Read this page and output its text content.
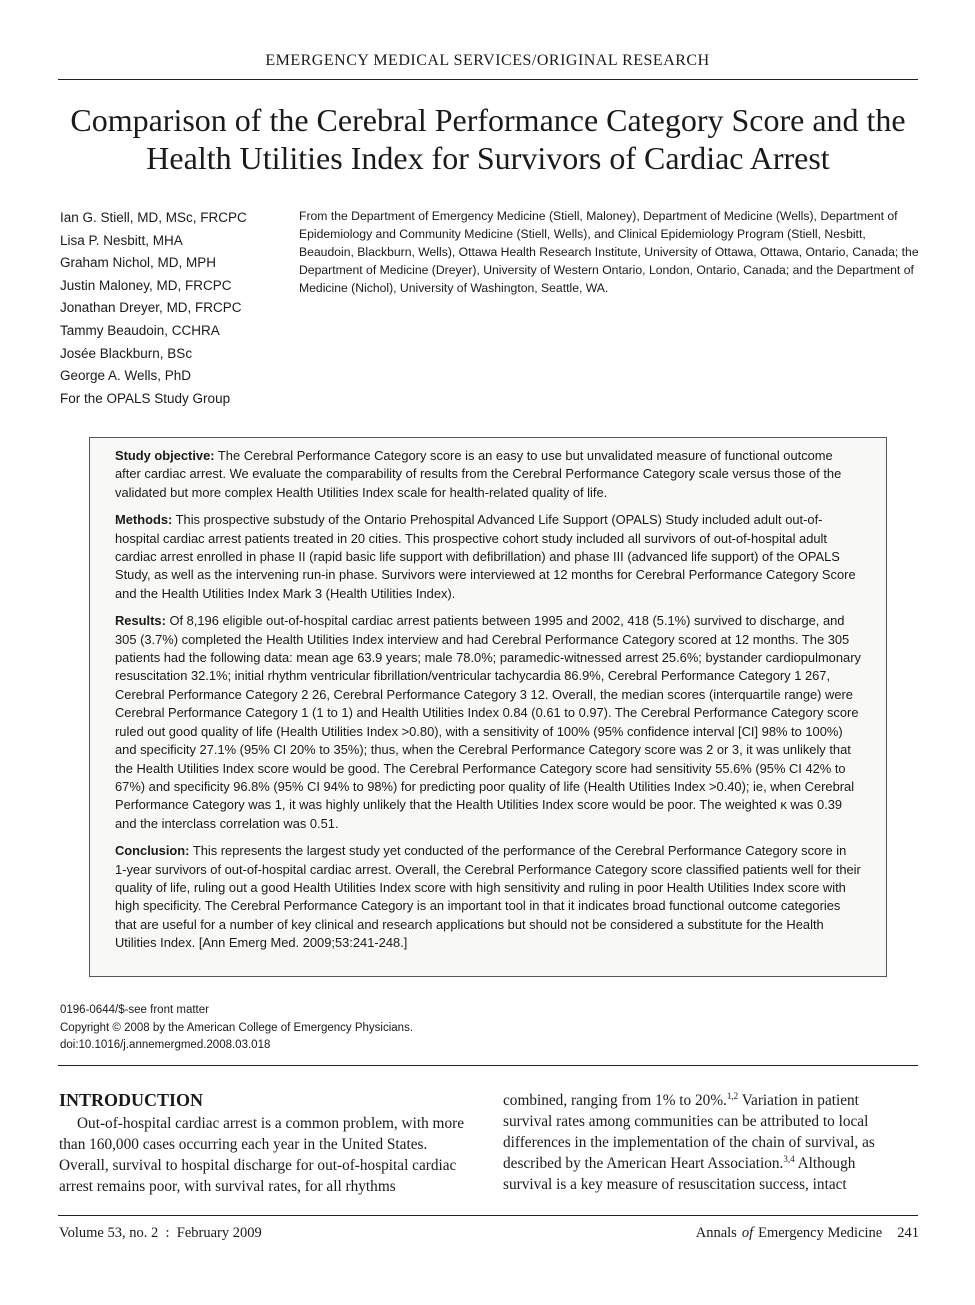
EMERGENCY MEDICAL SERVICES/ORIGINAL RESEARCH
Comparison of the Cerebral Performance Category Score and the
Health Utilities Index for Survivors of Cardiac Arrest
Ian G. Stiell, MD, MSc, FRCPC
Lisa P. Nesbitt, MHA
Graham Nichol, MD, MPH
Justin Maloney, MD, FRCPC
Jonathan Dreyer, MD, FRCPC
Tammy Beaudoin, CCHRA
Josée Blackburn, BSc
George A. Wells, PhD
For the OPALS Study Group

From the Department of Emergency Medicine (Stiell, Maloney), Department of Medicine (Wells), Department of Epidemiology and Community Medicine (Stiell, Wells), and Clinical Epidemiology Program (Stiell, Nesbitt, Beaudoin, Blackburn, Wells), Ottawa Health Research Institute, University of Ottawa, Ottawa, Ontario, Canada; the Department of Medicine (Dreyer), University of Western Ontario, London, Ontario, Canada; and the Department of Medicine (Nichol), University of Washington, Seattle, WA.

Study objective: The Cerebral Performance Category score is an easy to use but unvalidated measure of functional outcome after cardiac arrest. We evaluate the comparability of results from the Cerebral Performance Category scale versus those of the validated but more complex Health Utilities Index scale for health-related quality of life.

Methods: This prospective substudy of the Ontario Prehospital Advanced Life Support (OPALS) Study included adult out-of-hospital cardiac arrest patients treated in 20 cities. This prospective cohort study included all survivors of out-of-hospital adult cardiac arrest enrolled in phase II (rapid basic life support with defibrillation) and phase III (advanced life support) of the OPALS Study, as well as the intervening run-in phase. Survivors were interviewed at 12 months for Cerebral Performance Category Score and the Health Utilities Index Mark 3 (Health Utilities Index).

Results: Of 8,196 eligible out-of-hospital cardiac arrest patients between 1995 and 2002, 418 (5.1%) survived to discharge, and 305 (3.7%) completed the Health Utilities Index interview and had Cerebral Performance Category scored at 12 months. The 305 patients had the following data: mean age 63.9 years; male 78.0%; paramedic-witnessed arrest 25.6%; bystander cardiopulmonary resuscitation 32.1%; initial rhythm ventricular fibrillation/ventricular tachycardia 86.9%, Cerebral Performance Category 1 267, Cerebral Performance Category 2 26, Cerebral Performance Category 3 12. Overall, the median scores (interquartile range) were Cerebral Performance Category 1 (1 to 1) and Health Utilities Index 0.84 (0.61 to 0.97). The Cerebral Performance Category score ruled out good quality of life (Health Utilities Index >0.80), with a sensitivity of 100% (95% confidence interval [CI] 98% to 100%) and specificity 27.1% (95% CI 20% to 35%); thus, when the Cerebral Performance Category score was 2 or 3, it was unlikely that the Health Utilities Index score would be good. The Cerebral Performance Category score had sensitivity 55.6% (95% CI 42% to 67%) and specificity 96.8% (95% CI 94% to 98%) for predicting poor quality of life (Health Utilities Index >0.40); ie, when Cerebral Performance Category was 1, it was highly unlikely that the Health Utilities Index score would be poor. The weighted κ was 0.39 and the interclass correlation was 0.51.

Conclusion: This represents the largest study yet conducted of the performance of the Cerebral Performance Category score in 1-year survivors of out-of-hospital cardiac arrest. Overall, the Cerebral Performance Category score classified patients well for their quality of life, ruling out a good Health Utilities Index score with high sensitivity and ruling in poor Health Utilities Index score with high specificity. The Cerebral Performance Category is an important tool in that it indicates broad functional outcome categories that are useful for a number of key clinical and research applications but should not be considered a substitute for the Health Utilities Index. [Ann Emerg Med. 2009;53:241-248.]

0196-0644/$-see front matter
Copyright © 2008 by the American College of Emergency Physicians.
doi:10.1016/j.annemergmed.2008.03.018
INTRODUCTION

Out-of-hospital cardiac arrest is a common problem, with more than 160,000 cases occurring each year in the United States. Overall, survival to hospital discharge for out-of-hospital cardiac arrest remains poor, with survival rates, for all rhythms

combined, ranging from 1% to 20%.$^{1,2}$ Variation in patient survival rates among communities can be attributed to local differences in the implementation of the chain of survival, as described by the American Heart Association.$^{3,4}$ Although survival is a key measure of resuscitation success, intact

Volume 53, no. 2  :  February 2009	Annals of Emergency Medicine 241
